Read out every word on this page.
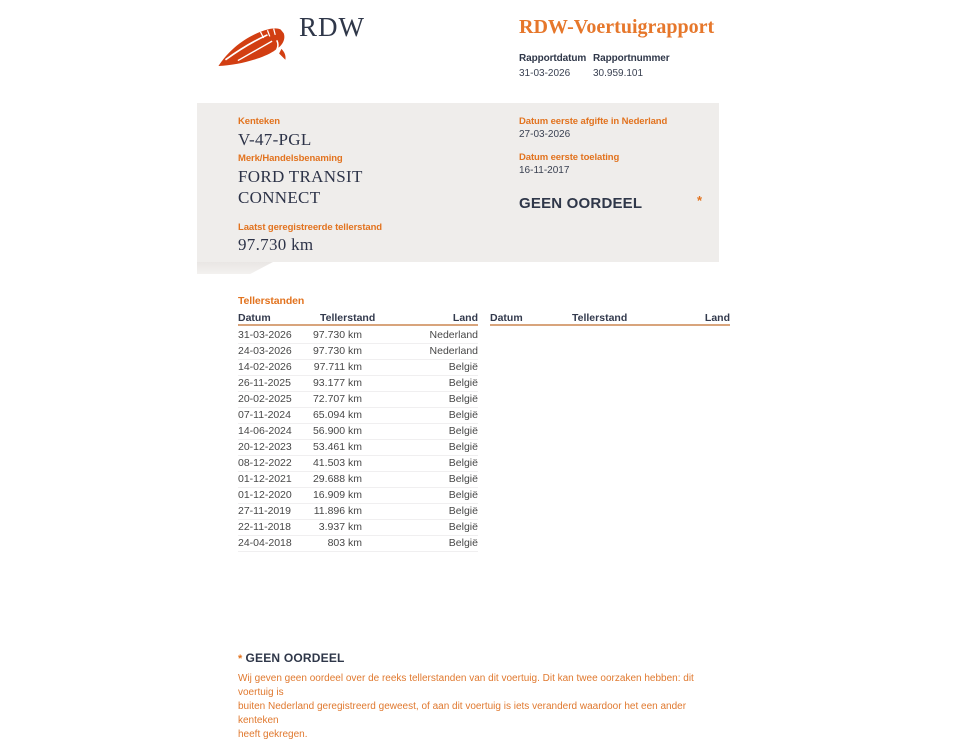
RDW	RDW-Voertuigrapport
Rapportdatum
31-03-2026
Rapportnummer
30.959.101
Kenteken
V-47-PGL
Merk/Handelsbenaming
FORD TRANSIT CONNECT
Laatst geregistreerde tellerstand
97.730 km
Datum eerste afgifte in Nederland
27-03-2026
Datum eerste toelating
16-11-2017
GEEN OORDEEL	*
Tellerstanden
Datum	Tellerstand	Land
31-03-2026	97.730 km	Nederland
24-03-2026	97.730 km	Nederland
14-02-2026	97.711 km	België
26-11-2025	93.177 km	België
20-02-2025	72.707 km	België
07-11-2024	65.094 km	België
14-06-2024	56.900 km	België
20-12-2023	53.461 km	België
08-12-2022	41.503 km	België
01-12-2021	29.688 km	België
01-12-2020	16.909 km	België
27-11-2019	11.896 km	België
22-11-2018	3.937 km	België
24-04-2018	803 km	België
Datum	Tellerstand	Land
* GEEN OORDEEL
Wij geven geen oordeel over de reeks tellerstanden van dit voertuig. Dit kan twee oorzaken hebben: dit voertuig is
buiten Nederland geregistreerd geweest, of aan dit voertuig is iets veranderd waardoor het een ander kenteken
heeft gekregen.
